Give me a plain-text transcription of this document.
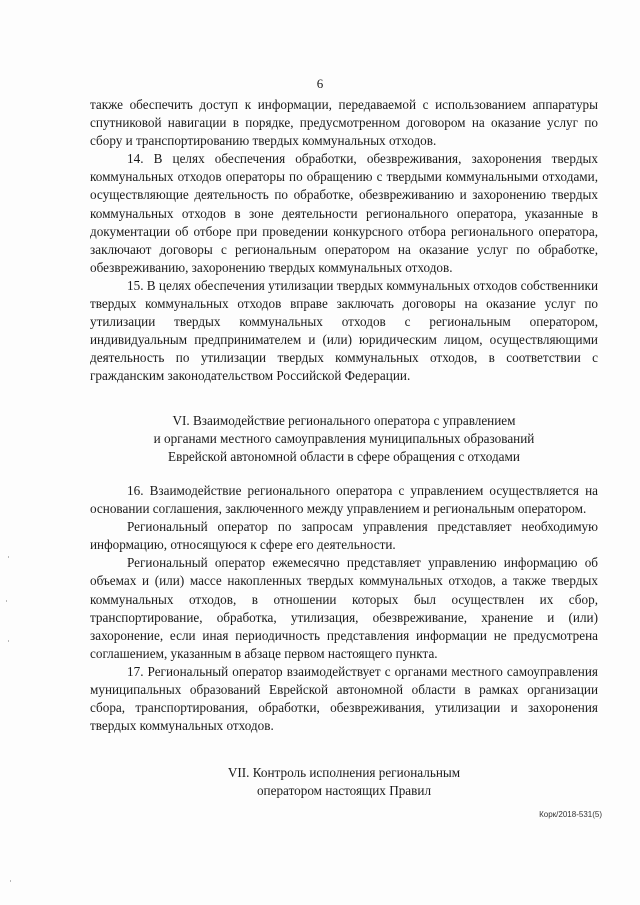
6

также обеспечить доступ к информации, передаваемой с использованием аппаратуры спутниковой навигации в порядке, предусмотренном договором на оказание услуг по сбору и транспортированию твердых коммунальных отходов.

14. В целях обеспечения обработки, обезвреживания, захоронения твердых коммунальных отходов операторы по обращению с твердыми коммунальными отходами, осуществляющие деятельность по обработке, обезвреживанию и захоронению твердых коммунальных отходов в зоне деятельности регионального оператора, указанные в документации об отборе при проведении конкурсного отбора регионального оператора, заключают договоры с региональным оператором на оказание услуг по обработке, обезвреживанию, захоронению твердых коммунальных отходов.

15. В целях обеспечения утилизации твердых коммунальных отходов собственники твердых коммунальных отходов вправе заключать договоры на оказание услуг по утилизации твердых коммунальных отходов с региональным оператором, индивидуальным предпринимателем и (или) юридическим лицом, осуществляющими деятельность по утилизации твердых коммунальных отходов, в соответствии с гражданским законодательством Российской Федерации.

VI. Взаимодействие регионального оператора с управлением
и органами местного самоуправления муниципальных образований
Еврейской автономной области в сфере обращения с отходами

16. Взаимодействие регионального оператора с управлением осуществляется на основании соглашения, заключенного между управлением и региональным оператором.

Региональный оператор по запросам управления представляет необходимую информацию, относящуюся к сфере его деятельности.

Региональный оператор ежемесячно представляет управлению информацию об объемах и (или) массе накопленных твердых коммунальных отходов, а также твердых коммунальных отходов, в отношении которых был осуществлен их сбор, транспортирование, обработка, утилизация, обезвреживание, хранение и (или) захоронение, если иная периодичность представления информации не предусмотрена соглашением, указанным в абзаце первом настоящего пункта.

17. Региональный оператор взаимодействует с органами местного самоуправления муниципальных образований Еврейской автономной области в рамках организации сбора, транспортирования, обработки, обезвреживания, утилизации и захоронения твердых коммунальных отходов.

VII. Контроль исполнения региональным
оператором настоящих Правил
Корк/2018-531(5)
